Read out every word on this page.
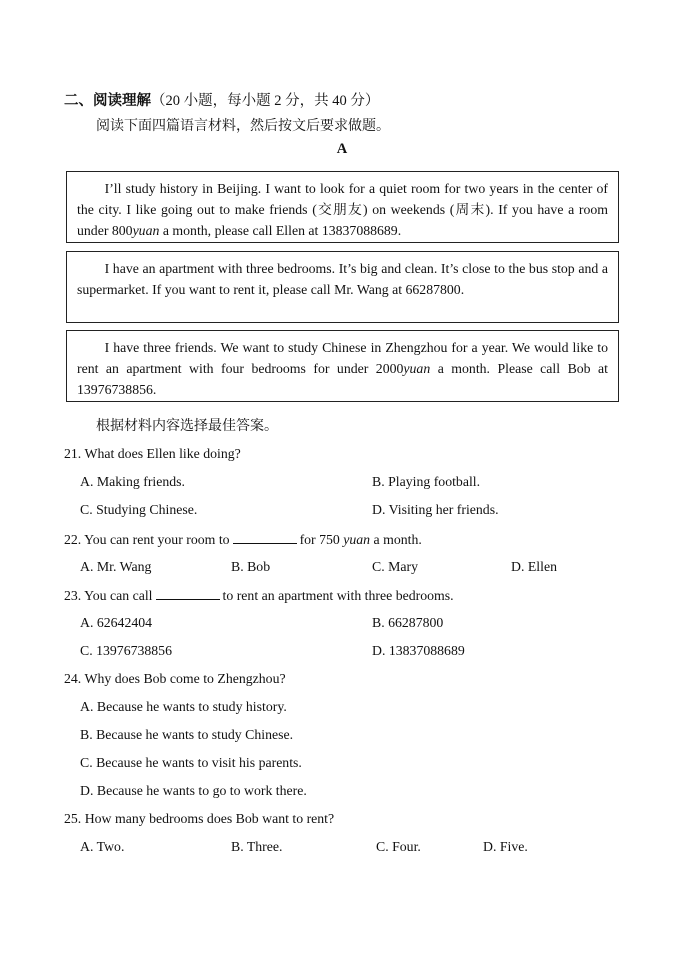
二、阅读理解（20 小题，每小题 2 分，共 40 分）
阅读下面四篇语言材料，然后按文后要求做题。
A

I’ll study history in Beijing. I want to look for a quiet room for two years in the center of the city. I like going out to make friends (交朋友) on weekends (周末). If you have a room under 800yuan a month, please call Ellen at 13837088689.

I have an apartment with three bedrooms. It’s big and clean. It’s close to the bus stop and a supermarket. If you want to rent it, please call Mr. Wang at 66287800.

I have three friends. We want to study Chinese in Zhengzhou for a year. We would like to rent an apartment with four bedrooms for under 2000yuan a month. Please call Bob at 13976738856.

根据材料内容选择最佳答案。
21. What does Ellen like doing?
A. Making friends.	B. Playing football.
C. Studying Chinese.	D. Visiting her friends.
22. You can rent your room to	for 750 yuan a month.
A. Mr. Wang	B. Bob	C. Mary	D. Ellen
23. You can call	to rent an apartment with three bedrooms.
A. 62642404	B. 66287800
C. 13976738856	D. 13837088689
24. Why does Bob come to Zhengzhou?
A. Because he wants to study history.
B. Because he wants to study Chinese.
C. Because he wants to visit his parents.
D. Because he wants to go to work there.
25. How many bedrooms does Bob want to rent?
A. Two.	B. Three.	C. Four.	D. Five.
